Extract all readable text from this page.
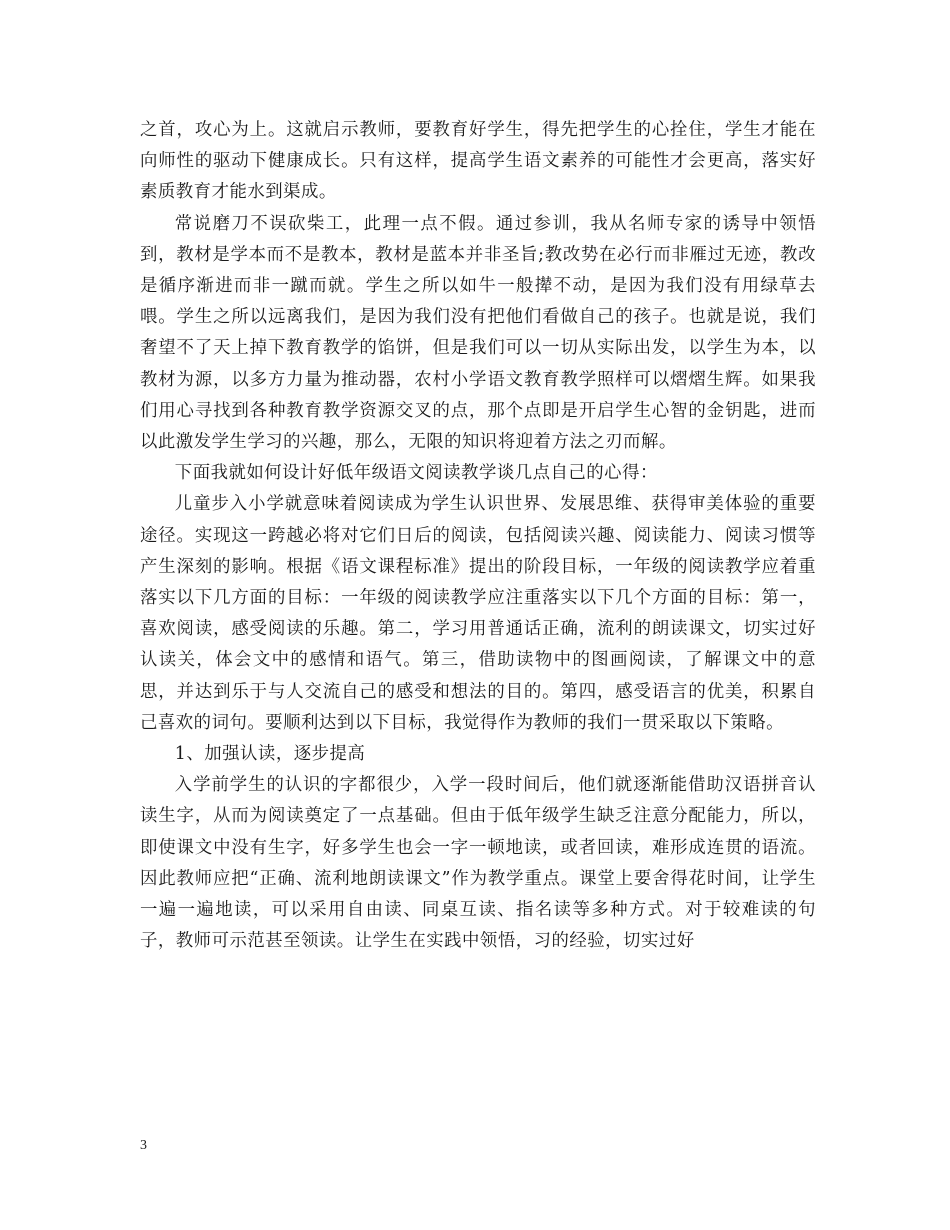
之首，攻心为上。这就启示教师，要教育好学生，得先把学生的心拴住，学生才能在向师性的驱动下健康成长。只有这样，提高学生语文素养的可能性才会更高，落实好素质教育才能水到渠成。

常说磨刀不误砍柴工，此理一点不假。通过参训，我从名师专家的诱导中领悟到，教材是学本而不是教本，教材是蓝本并非圣旨;教改势在必行而非雁过无迹，教改是循序渐进而非一蹴而就。学生之所以如牛一般撵不动，是因为我们没有用绿草去喂。学生之所以远离我们，是因为我们没有把他们看做自己的孩子。也就是说，我们奢望不了天上掉下教育教学的馅饼，但是我们可以一切从实际出发，以学生为本，以教材为源，以多方力量为推动器，农村小学语文教育教学照样可以熠熠生辉。如果我们用心寻找到各种教育教学资源交叉的点，那个点即是开启学生心智的金钥匙，进而以此激发学生学习的兴趣，那么，无限的知识将迎着方法之刃而解。

下面我就如何设计好低年级语文阅读教学谈几点自己的心得：

儿童步入小学就意味着阅读成为学生认识世界、发展思维、获得审美体验的重要途径。实现这一跨越必将对它们日后的阅读，包括阅读兴趣、阅读能力、阅读习惯等产生深刻的影响。根据《语文课程标准》提出的阶段目标，一年级的阅读教学应着重落实以下几方面的目标：一年级的阅读教学应注重落实以下几个方面的目标：第一，喜欢阅读，感受阅读的乐趣。第二，学习用普通话正确，流利的朗读课文，切实过好认读关，体会文中的感情和语气。第三，借助读物中的图画阅读，了解课文中的意思，并达到乐于与人交流自己的感受和想法的目的。第四，感受语言的优美，积累自己喜欢的词句。要顺利达到以下目标，我觉得作为教师的我们一贯采取以下策略。

1、加强认读，逐步提高

入学前学生的认识的字都很少，入学一段时间后，他们就逐渐能借助汉语拼音认读生字，从而为阅读奠定了一点基础。但由于低年级学生缺乏注意分配能力，所以，即使课文中没有生字，好多学生也会一字一顿地读，或者回读，难形成连贯的语流。因此教师应把“正确、流利地朗读课文”作为教学重点。课堂上要舍得花时间，让学生一遍一遍地读，可以采用自由读、同桌互读、指名读等多种方式。对于较难读的句子，教师可示范甚至领读。让学生在实践中领悟，习的经验，切实过好

3
